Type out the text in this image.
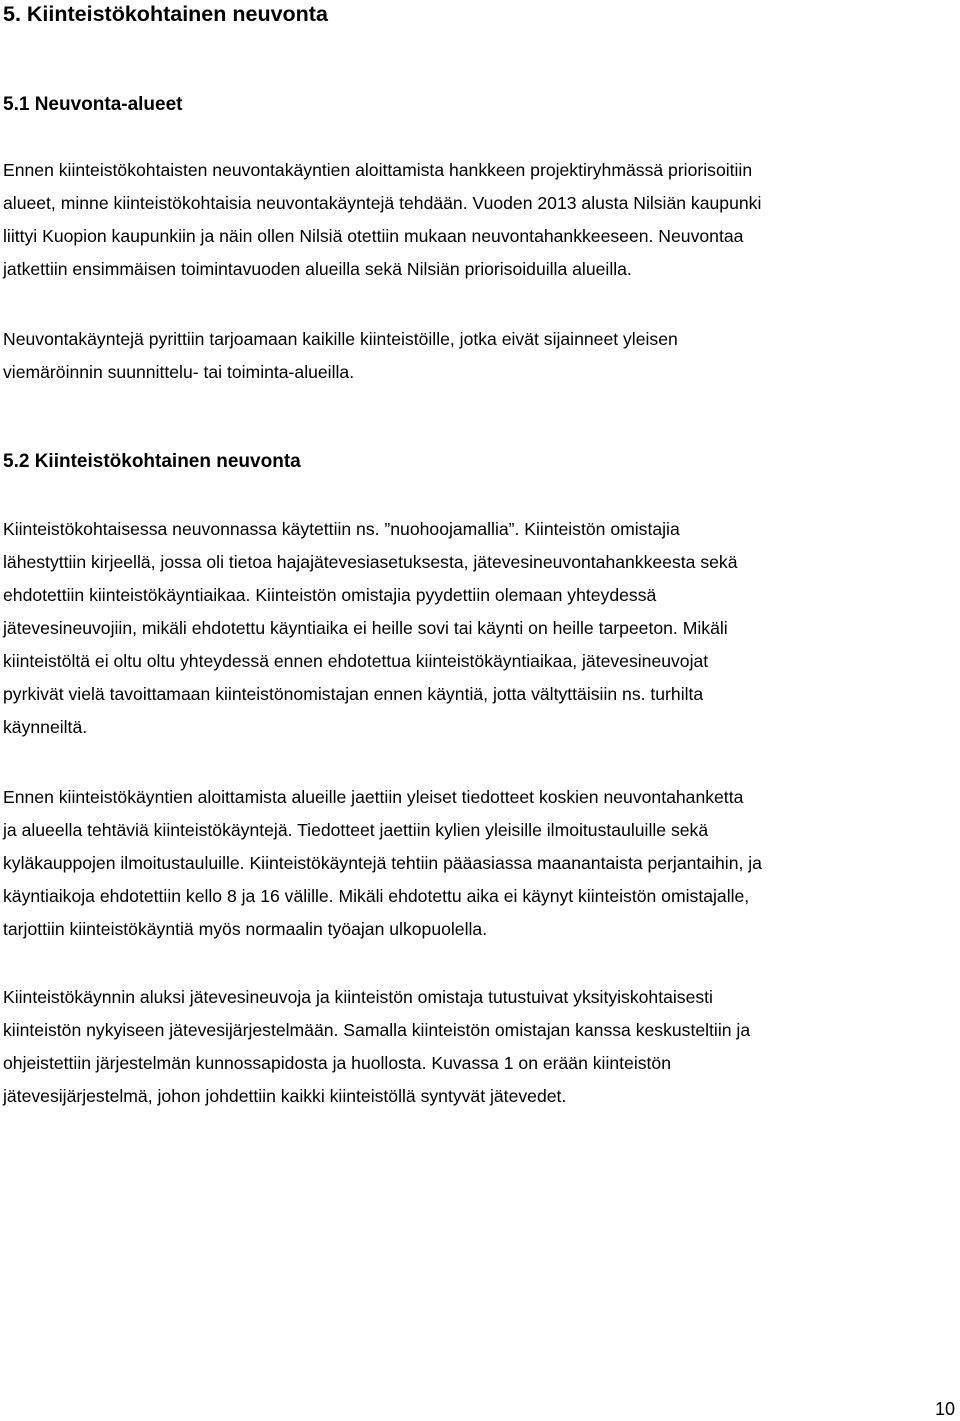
5. Kiinteistökohtainen neuvonta
5.1 Neuvonta-alueet

Ennen kiinteistökohtaisten neuvontakäyntien aloittamista hankkeen projektiryhmässä priorisoitiin
alueet, minne kiinteistökohtaisia neuvontakäyntejä tehdään. Vuoden 2013 alusta Nilsiän kaupunki
liittyi Kuopion kaupunkiin ja näin ollen Nilsiä otettiin mukaan neuvontahankkeeseen. Neuvontaa
jatkettiin ensimmäisen toimintavuoden alueilla sekä Nilsiän priorisoiduilla alueilla.

Neuvontakäyntejä pyrittiin tarjoamaan kaikille kiinteistöille, jotka eivät sijainneet yleisen
viemäröinnin suunnittelu- tai toiminta-alueilla.

5.2 Kiinteistökohtainen neuvonta

Kiinteistökohtaisessa neuvonnassa käytettiin ns. ”nuohoojamallia”. Kiinteistön omistajia
lähestyttiin kirjeellä, jossa oli tietoa hajajätevesiasetuksesta, jätevesineuvontahankkeesta sekä
ehdotettiin kiinteistökäyntiaikaa. Kiinteistön omistajia pyydettiin olemaan yhteydessä
jätevesineuvojiin, mikäli ehdotettu käyntiaika ei heille sovi tai käynti on heille tarpeeton. Mikäli
kiinteistöltä ei oltu oltu yhteydessä ennen ehdotettua kiinteistökäyntiaikaa, jätevesineuvojat
pyrkivät vielä tavoittamaan kiinteistönomistajan ennen käyntiä, jotta vältyttäisiin ns. turhilta
käynneiltä.

Ennen kiinteistökäyntien aloittamista alueille jaettiin yleiset tiedotteet koskien neuvontahanketta
ja alueella tehtäviä kiinteistökäyntejä. Tiedotteet jaettiin kylien yleisille ilmoitustauluille sekä
kyläkauppojen ilmoitustauluille. Kiinteistökäyntejä tehtiin pääasiassa maanantaista perjantaihin, ja
käyntiaikoja ehdotettiin kello 8 ja 16 välille. Mikäli ehdotettu aika ei käynyt kiinteistön omistajalle,
tarjottiin kiinteistökäyntiä myös normaalin työajan ulkopuolella.

Kiinteistökäynnin aluksi jätevesineuvoja ja kiinteistön omistaja tutustuivat yksityiskohtaisesti
kiinteistön nykyiseen jätevesijärjestelmään. Samalla kiinteistön omistajan kanssa keskusteltiin ja
ohjeistettiin järjestelmän kunnossapidosta ja huollosta. Kuvassa 1 on erään kiinteistön
jätevesijärjestelmä, johon johdettiin kaikki kiinteistöllä syntyvät jätevedet.

10
